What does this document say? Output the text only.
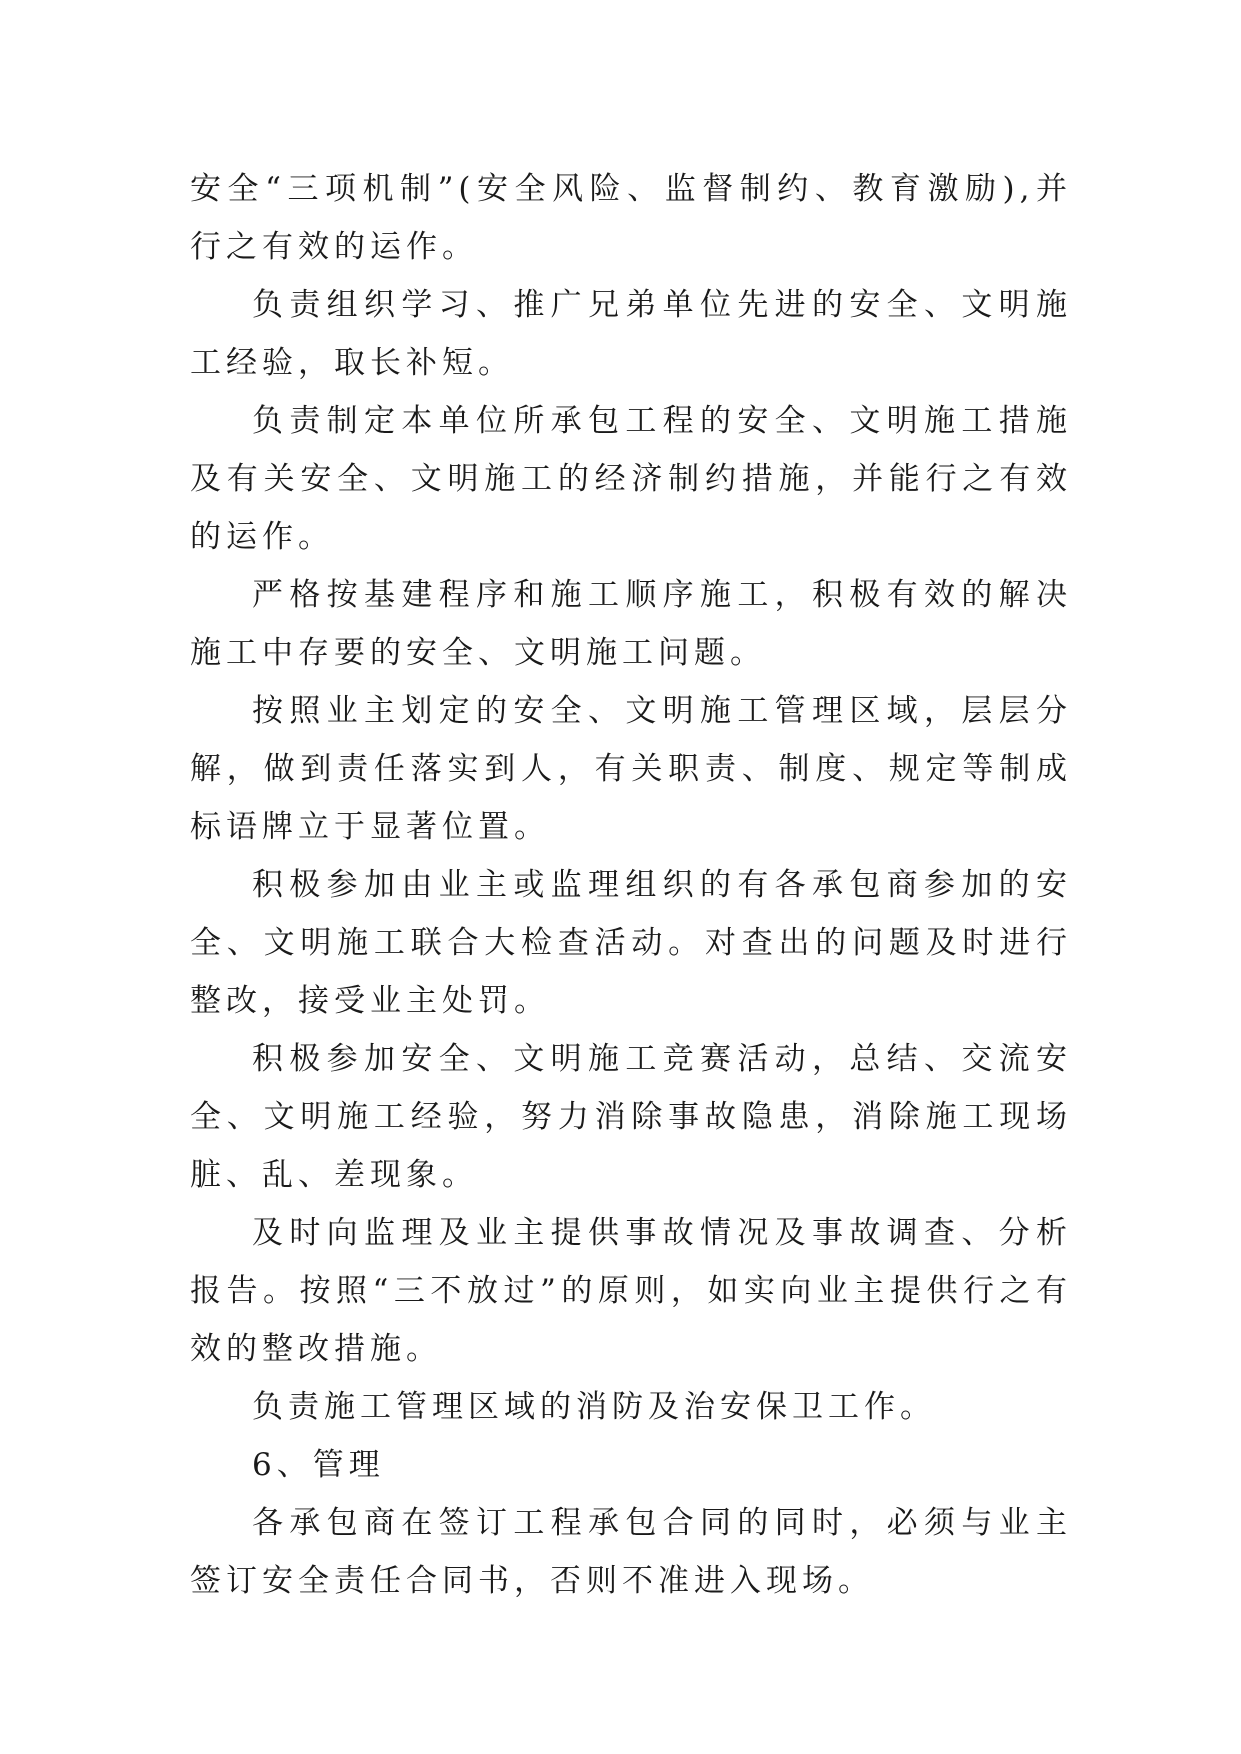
安全“三项机制”(安全风险、监督制约、教育激励),并行之有效的运作。

负责组织学习、推广兄弟单位先进的安全、文明施工经验，取长补短。

负责制定本单位所承包工程的安全、文明施工措施及有关安全、文明施工的经济制约措施，并能行之有效的运作。

严格按基建程序和施工顺序施工，积极有效的解决施工中存要的安全、文明施工问题。

按照业主划定的安全、文明施工管理区域，层层分解，做到责任落实到人，有关职责、制度、规定等制成标语牌立于显著位置。

积极参加由业主或监理组织的有各承包商参加的安全、文明施工联合大检查活动。对查出的问题及时进行整改，接受业主处罚。

积极参加安全、文明施工竞赛活动，总结、交流安全、文明施工经验，努力消除事故隐患，消除施工现场脏、乱、差现象。

及时向监理及业主提供事故情况及事故调查、分析报告。按照“三不放过”的原则，如实向业主提供行之有效的整改措施。

负责施工管理区域的消防及治安保卫工作。

6、管理

各承包商在签订工程承包合同的同时，必须与业主签订安全责任合同书，否则不准进入现场。
